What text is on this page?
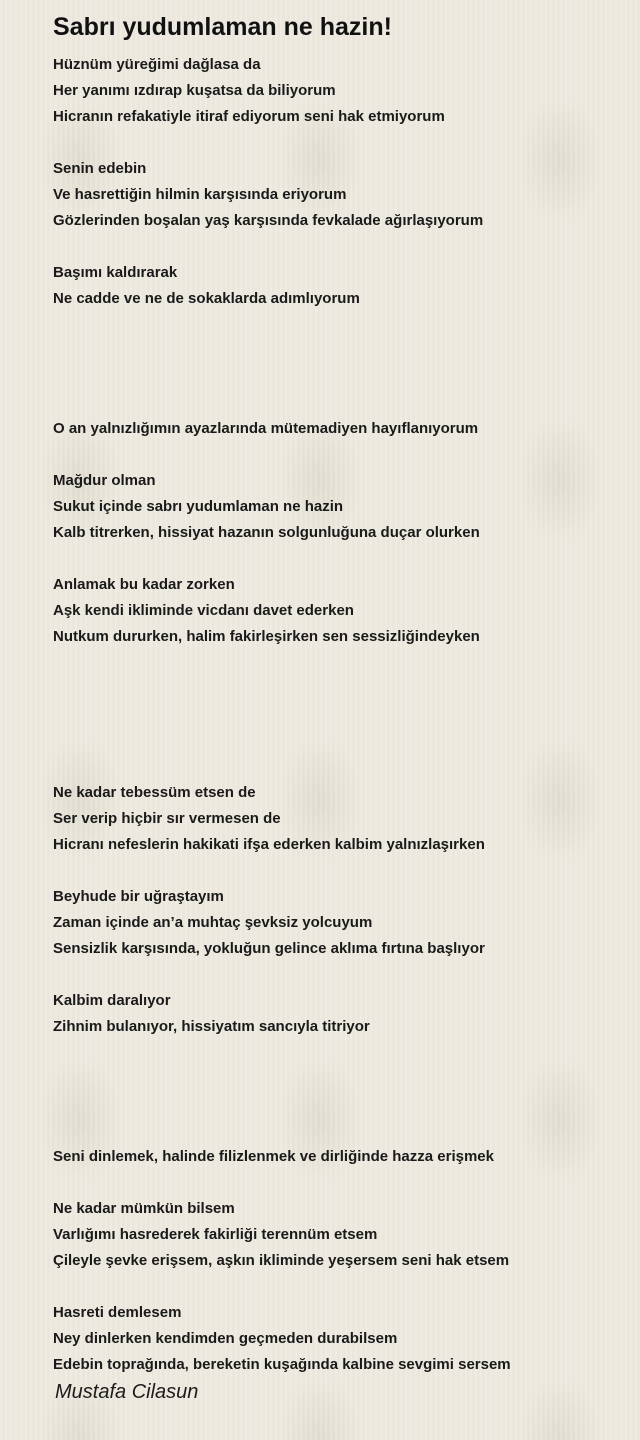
Sabrı yudumlaman ne hazin!
Hüznüm yüreğimi dağlasa da
Her yanımı ızdırap kuşatsa da biliyorum
Hicranın refakatiyle itiraf ediyorum seni hak etmiyorum
Senin edebin
Ve hasrettiğin hilmin karşısında eriyorum
Gözlerinden boşalan yaş karşısında fevkalade ağırlaşıyorum
Başımı kaldırarak
Ne cadde ve ne de sokaklarda adımlıyorum
O an yalnızlığımın ayazlarında mütemadiyen hayıflanıyorum
Mağdur olman
Sukut içinde sabrı yudumlaman ne hazin
Kalb titrerken, hissiyat hazanın solgunluğuna duçar olurken
Anlamak bu kadar zorken
Aşk kendi ikliminde vicdanı davet ederken
Nutkum dururken, halim fakirleşirken sen sessizliğindeyken
Ne kadar tebessüm etsen de
Ser verip hiçbir sır vermesen de
Hicranı nefeslerin hakikati ifşa ederken kalbim yalnızlaşırken
Beyhude bir uğraştayım
Zaman içinde an’a muhtaç şevksiz yolcuyum
Sensizlik karşısında, yokluğun gelince aklıma fırtına başlıyor
Kalbim daralıyor
Zihnim bulanıyor, hissiyatım sancıyla titriyor
Seni dinlemek, halinde filizlenmek ve dirliğinde hazza erişmek
Ne kadar mümkün bilsem
Varlığımı hasrederek fakirliği terennüm etsem
Çileyle şevke erişsem, aşkın ikliminde yeşersem seni hak etsem
Hasreti demlesem
Ney dinlerken kendimden geçmeden durabilsem
Edebin toprağında, bereketin kuşağında kalbine sevgimi sersem
Mustafa Cilasun
